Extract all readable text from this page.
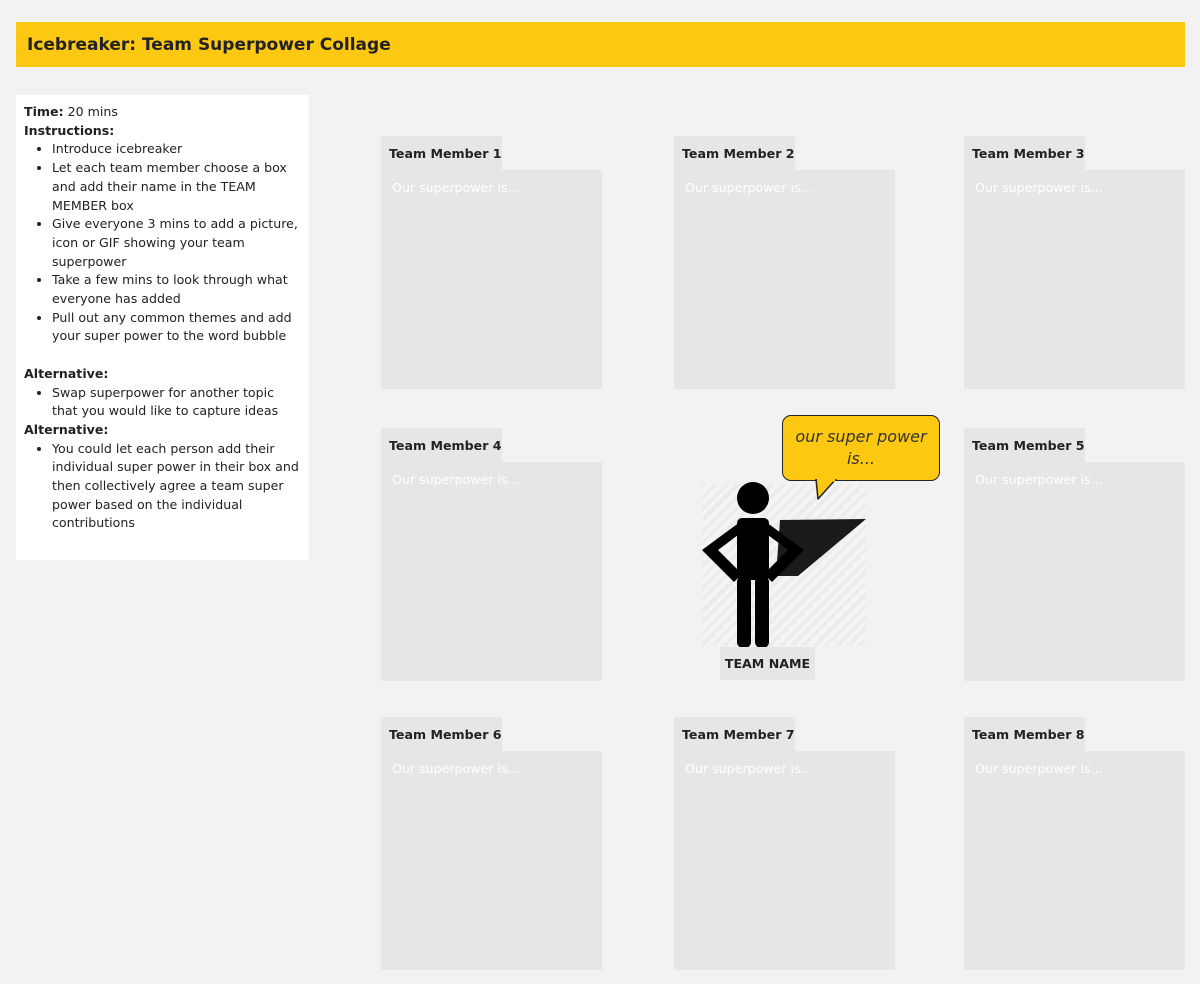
Icebreaker: Team Superpower Collage
Time: 20 mins
Instructions:
• Introduce icebreaker
• Let each team member choose a box and add their name in the TEAM MEMBER box
• Give everyone 3 mins to add a picture, icon or GIF showing your team superpower
• Take a few mins to look through what everyone has added
• Pull out any common themes and add your super power to the word bubble
Alternative:
• Swap superpower for another topic that you would like to capture ideas
Alternative:
• You could let each person add their individual super power in their box and then collectively agree a team super power based on the individual contributions
Team Member 1
Our superpower is...
Team Member 2
Our superpower is...
Team Member 3
Our superpower is...
Team Member 4
Our superpower is...
Team Member 5
Our superpower is...
Team Member 6
Our superpower is...
Team Member 7
Our superpower is...
Team Member 8
Our superpower is...
our super power is...
TEAM NAME
